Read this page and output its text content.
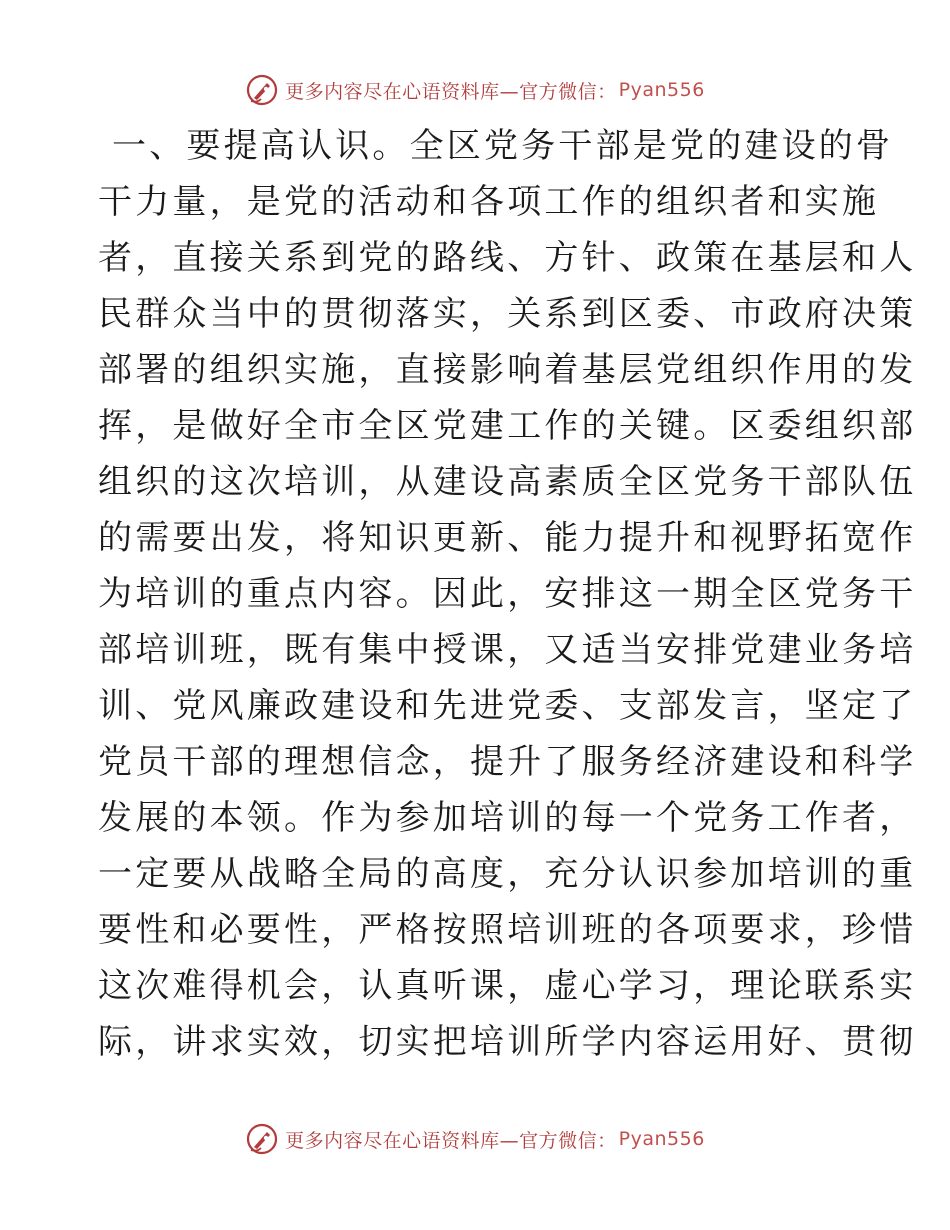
更多内容尽在心语资料库—官方微信： Pyan556
一、要提高认识。全区党务干部是党的建设的骨
干力量，是党的活动和各项工作的组织者和实施
者，直接关系到党的路线、方针、政策在基层和人
民群众当中的贯彻落实，关系到区委、市政府决策
部署的组织实施，直接影响着基层党组织作用的发
挥，是做好全市全区党建工作的关键。区委组织部
组织的这次培训，从建设高素质全区党务干部队伍
的需要出发，将知识更新、能力提升和视野拓宽作
为培训的重点内容。因此，安排这一期全区党务干
部培训班，既有集中授课，又适当安排党建业务培
训、党风廉政建设和先进党委、支部发言，坚定了
党员干部的理想信念，提升了服务经济建设和科学
发展的本领。作为参加培训的每一个党务工作者，
一定要从战略全局的高度，充分认识参加培训的重
要性和必要性，严格按照培训班的各项要求，珍惜
这次难得机会，认真听课，虚心学习，理论联系实
际，讲求实效，切实把培训所学内容运用好、贯彻
更多内容尽在心语资料库—官方微信： Pyan556
